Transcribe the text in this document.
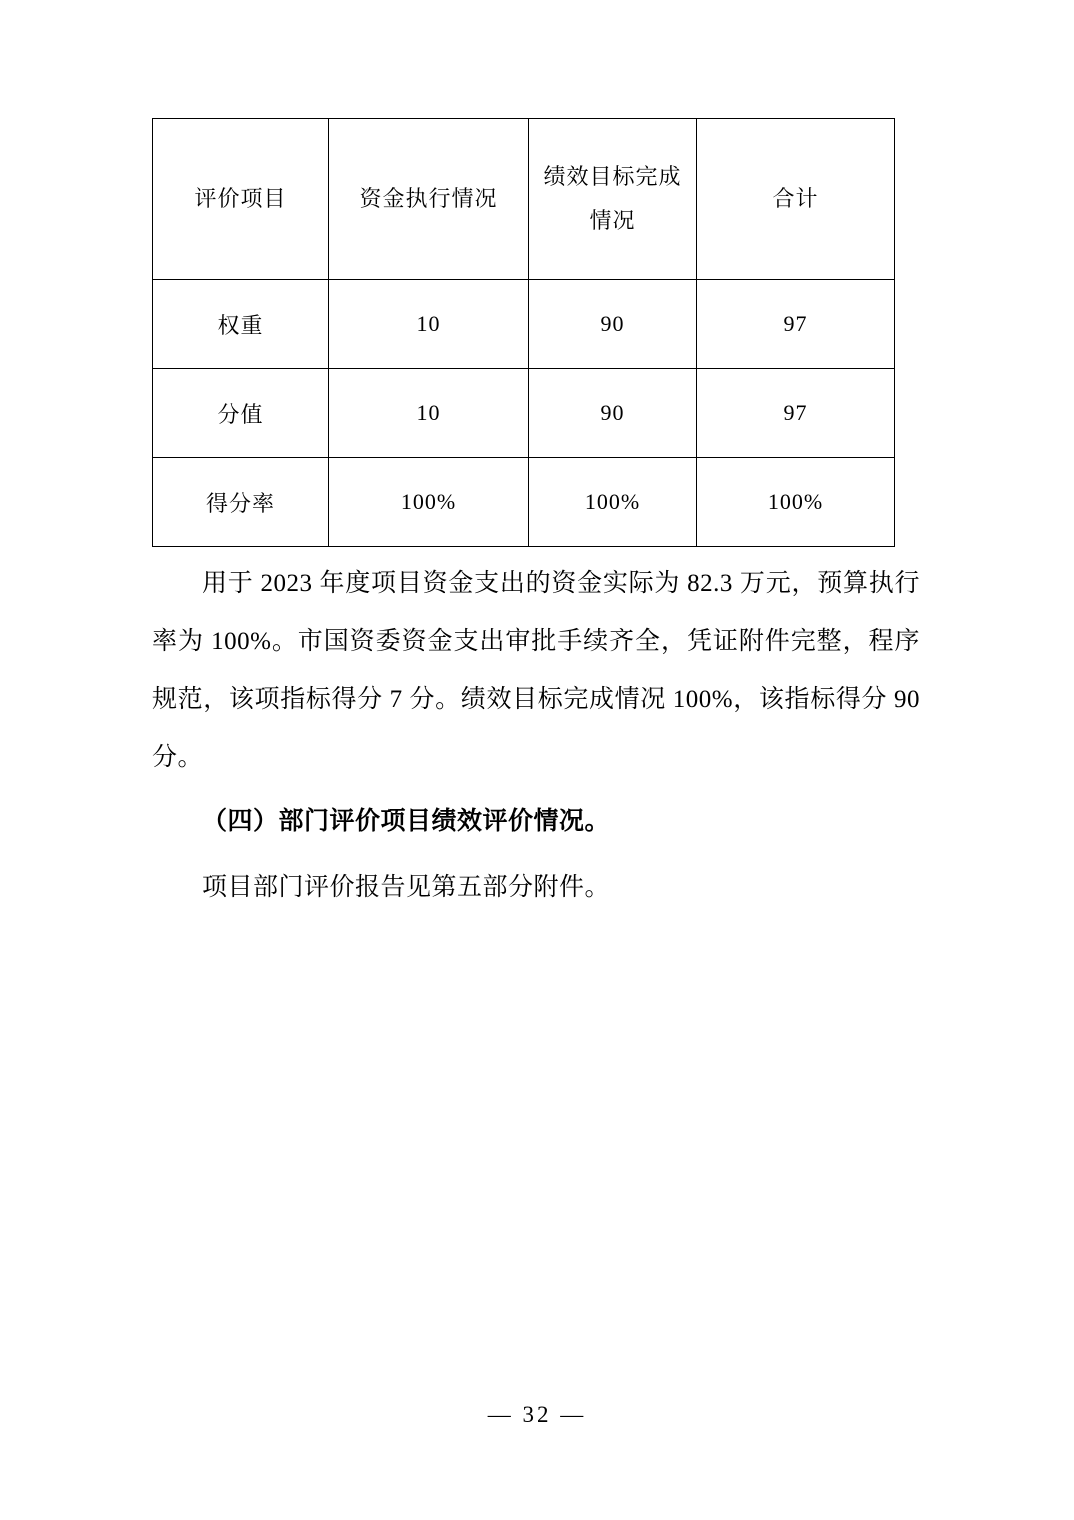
评价项目	资金执行情况	绩效目标完成情况	合计
权重	10	90	97
分值	10	90	97
得分率	100%	100%	100%

用于 2023 年度项目资金支出的资金实际为 82.3 万元，预算执行率为 100%。市国资委资金支出审批手续齐全，凭证附件完整，程序规范，该项指标得分 7 分。绩效目标完成情况 100%，该指标得分 90 分。

（四）部门评价项目绩效评价情况。

项目部门评价报告见第五部分附件。

— 32 —
